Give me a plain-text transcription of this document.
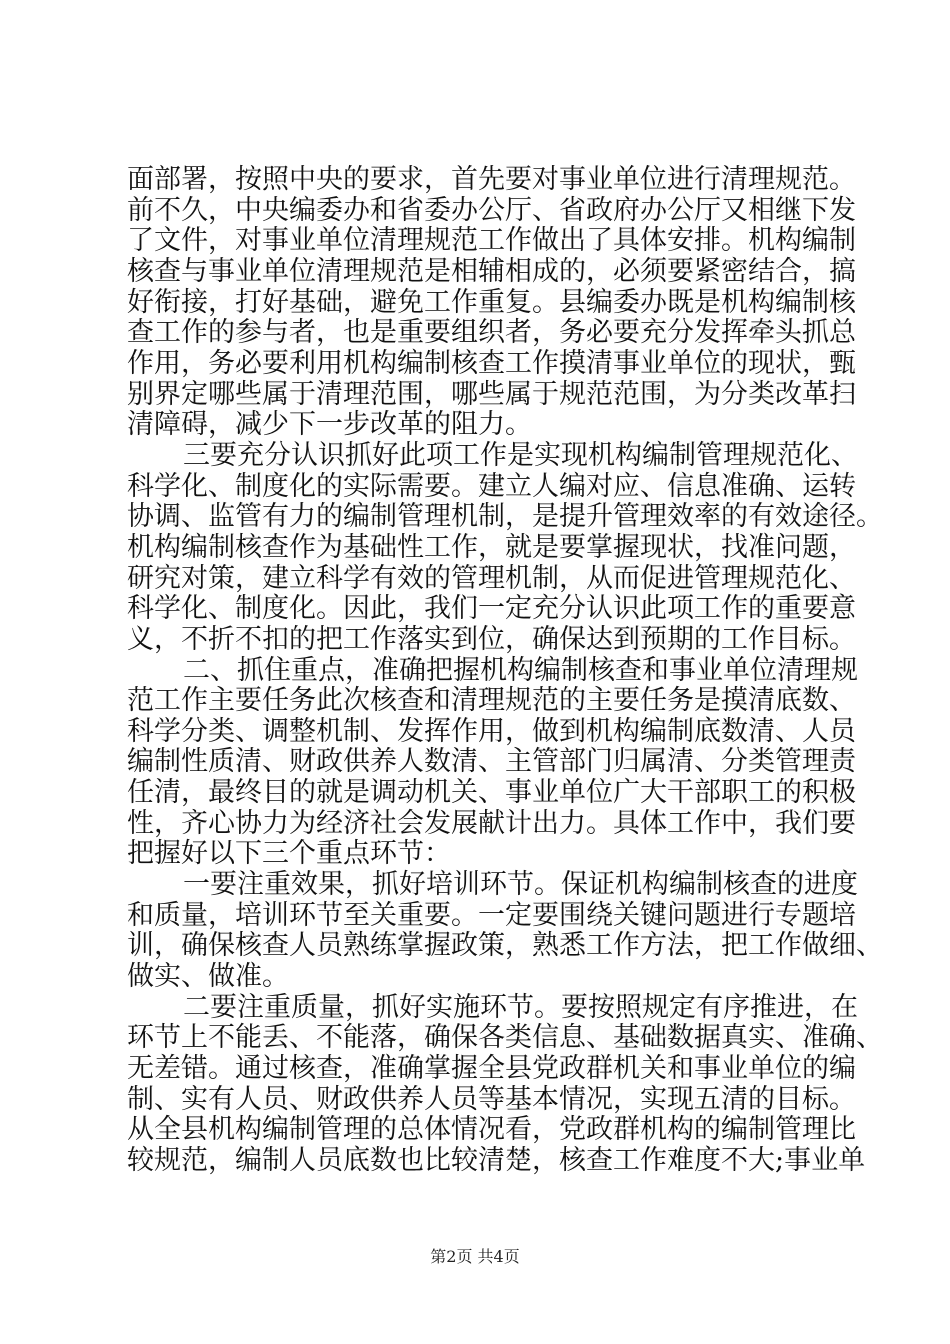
面部署，按照中央的要求，首先要对事业单位进行清理规范。
前不久，中央编委办和省委办公厅、省政府办公厅又相继下发
了文件，对事业单位清理规范工作做出了具体安排。机构编制
核查与事业单位清理规范是相辅相成的，必须要紧密结合，搞
好衔接，打好基础，避免工作重复。县编委办既是机构编制核
查工作的参与者，也是重要组织者，务必要充分发挥牵头抓总
作用，务必要利用机构编制核查工作摸清事业单位的现状，甄
别界定哪些属于清理范围，哪些属于规范范围，为分类改革扫
清障碍，减少下一步改革的阻力。
三要充分认识抓好此项工作是实现机构编制管理规范化、
科学化、制度化的实际需要。建立人编对应、信息准确、运转
协调、监管有力的编制管理机制，是提升管理效率的有效途径。
机构编制核查作为基础性工作，就是要掌握现状，找准问题，
研究对策，建立科学有效的管理机制，从而促进管理规范化、
科学化、制度化。因此，我们一定充分认识此项工作的重要意
义，不折不扣的把工作落实到位，确保达到预期的工作目标。
二、抓住重点，准确把握机构编制核查和事业单位清理规
范工作主要任务此次核查和清理规范的主要任务是摸清底数、
科学分类、调整机制、发挥作用，做到机构编制底数清、人员
编制性质清、财政供养人数清、主管部门归属清、分类管理责
任清，最终目的就是调动机关、事业单位广大干部职工的积极
性，齐心协力为经济社会发展献计出力。具体工作中，我们要
把握好以下三个重点环节：
一要注重效果，抓好培训环节。保证机构编制核查的进度
和质量，培训环节至关重要。一定要围绕关键问题进行专题培
训，确保核查人员熟练掌握政策，熟悉工作方法，把工作做细、
做实、做准。
二要注重质量，抓好实施环节。要按照规定有序推进，在
环节上不能丢、不能落，确保各类信息、基础数据真实、准确、
无差错。通过核查，准确掌握全县党政群机关和事业单位的编
制、实有人员、财政供养人员等基本情况，实现五清的目标。
从全县机构编制管理的总体情况看，党政群机构的编制管理比
较规范，编制人员底数也比较清楚，核查工作难度不大;事业单
第2页 共4页
